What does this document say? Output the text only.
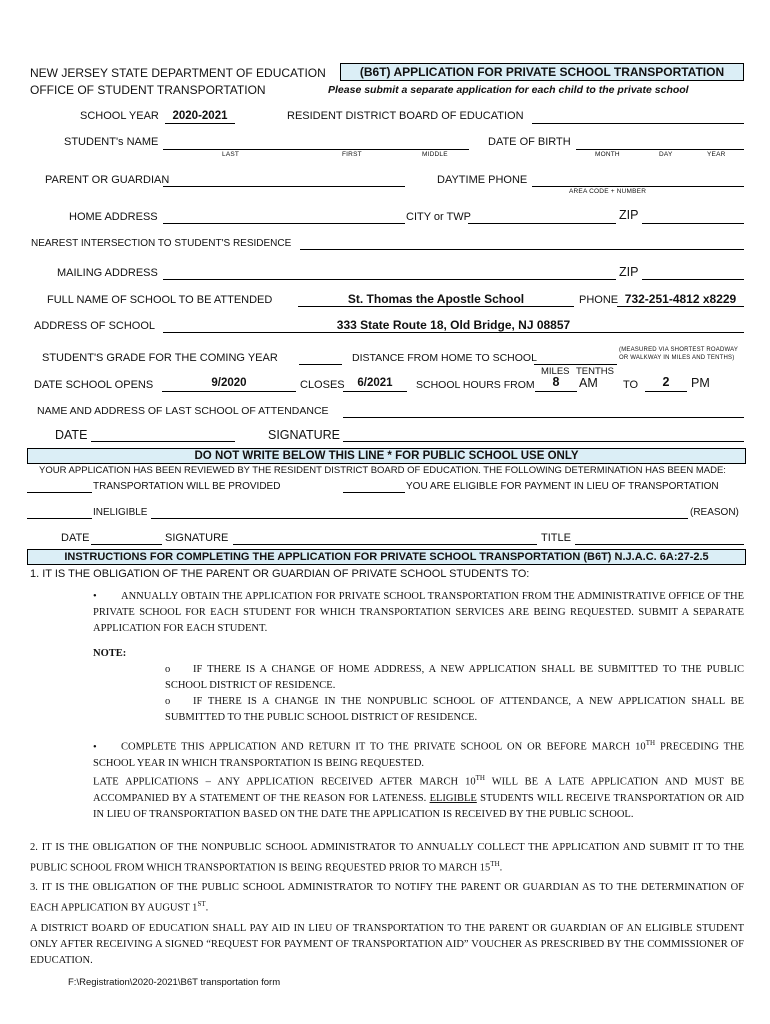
NEW JERSEY STATE DEPARTMENT OF EDUCATION
OFFICE OF STUDENT TRANSPORTATION
(B6T) APPLICATION FOR PRIVATE SCHOOL TRANSPORTATION
Please submit a separate application for each child to the private school
SCHOOL YEAR	2020-2021	RESIDENT DISTRICT BOARD OF EDUCATION
STUDENT's NAME
LAST	FIRST	MIDDLE
DATE OF BIRTH
MONTH	DAY	YEAR
PARENT OR GUARDIAN	DAYTIME PHONE
AREA CODE + NUMBER
HOME ADDRESS	CITY or TWP	ZIP
NEAREST INTERSECTION TO STUDENT'S RESIDENCE
MAILING ADDRESS	ZIP
FULL NAME OF SCHOOL TO BE ATTENDED	St. Thomas the Apostle School	PHONE 732-251-4812 x8229
ADDRESS OF SCHOOL	333 State Route 18, Old Bridge, NJ 08857
STUDENT'S GRADE FOR THE COMING YEAR	DISTANCE FROM HOME TO SCHOOL
(MEASURED VIA SHORTEST ROADWAY
OR WALKWAY IN MILES AND TENTHS)
MILES TENTHS
DATE SCHOOL OPENS	9/2020	CLOSES	6/2021	SCHOOL HOURS FROM	8	AM TO	2	PM
NAME AND ADDRESS OF LAST SCHOOL OF ATTENDANCE
DATE	SIGNATURE
DO NOT WRITE BELOW THIS LINE * FOR PUBLIC SCHOOL USE ONLY
YOUR APPLICATION HAS BEEN REVIEWED BY THE RESIDENT DISTRICT BOARD OF EDUCATION. THE FOLLOWING DETERMINATION HAS BEEN MADE:
TRANSPORTATION WILL BE PROVIDED	YOU ARE ELIGIBLE FOR PAYMENT IN LIEU OF TRANSPORTATION
INELIGIBLE	(REASON)
DATE	SIGNATURE	TITLE
INSTRUCTIONS FOR COMPLETING THE APPLICATION FOR PRIVATE SCHOOL TRANSPORTATION (B6T) N.J.A.C. 6A:27-2.5
1. IT IS THE OBLIGATION OF THE PARENT OR GUARDIAN OF PRIVATE SCHOOL STUDENTS TO:
•	ANNUALLY OBTAIN THE APPLICATION FOR PRIVATE SCHOOL TRANSPORTATION FROM THE ADMINISTRATIVE OFFICE OF THE PRIVATE SCHOOL FOR EACH STUDENT FOR WHICH TRANSPORTATION SERVICES ARE BEING REQUESTED. SUBMIT A SEPARATE APPLICATION FOR EACH STUDENT.
NOTE:
o IF THERE IS A CHANGE OF HOME ADDRESS, A NEW APPLICATION SHALL BE SUBMITTED TO THE PUBLIC SCHOOL DISTRICT OF RESIDENCE.
o IF THERE IS A CHANGE IN THE NONPUBLIC SCHOOL OF ATTENDANCE, A NEW APPLICATION SHALL BE SUBMITTED TO THE PUBLIC SCHOOL DISTRICT OF RESIDENCE.
• COMPLETE THIS APPLICATION AND RETURN IT TO THE PRIVATE SCHOOL ON OR BEFORE MARCH 10TH PRECEDING THE SCHOOL YEAR IN WHICH TRANSPORTATION IS BEING REQUESTED.
LATE APPLICATIONS – ANY APPLICATION RECEIVED AFTER MARCH 10TH WILL BE A LATE APPLICATION AND MUST BE ACCOMPANIED BY A STATEMENT OF THE REASON FOR LATENESS. ELIGIBLE STUDENTS WILL RECEIVE TRANSPORTATION OR AID IN LIEU OF TRANSPORTATION BASED ON THE DATE THE APPLICATION IS RECEIVED BY THE PUBLIC SCHOOL.
2. IT IS THE OBLIGATION OF THE NONPUBLIC SCHOOL ADMINISTRATOR TO ANNUALLY COLLECT THE APPLICATION AND SUBMIT IT TO THE PUBLIC SCHOOL FROM WHICH TRANSPORTATION IS BEING REQUESTED PRIOR TO MARCH 15TH.
3. IT IS THE OBLIGATION OF THE PUBLIC SCHOOL ADMINISTRATOR TO NOTIFY THE PARENT OR GUARDIAN AS TO THE DETERMINATION OF EACH APPLICATION BY AUGUST 1ST.
A DISTRICT BOARD OF EDUCATION SHALL PAY AID IN LIEU OF TRANSPORTATION TO THE PARENT OR GUARDIAN OF AN ELIGIBLE STUDENT ONLY AFTER RECEIVING A SIGNED “REQUEST FOR PAYMENT OF TRANSPORTATION AID” VOUCHER AS PRESCRIBED BY THE COMMISSIONER OF EDUCATION.
F:\Registration\2020-2021\B6T transportation form
